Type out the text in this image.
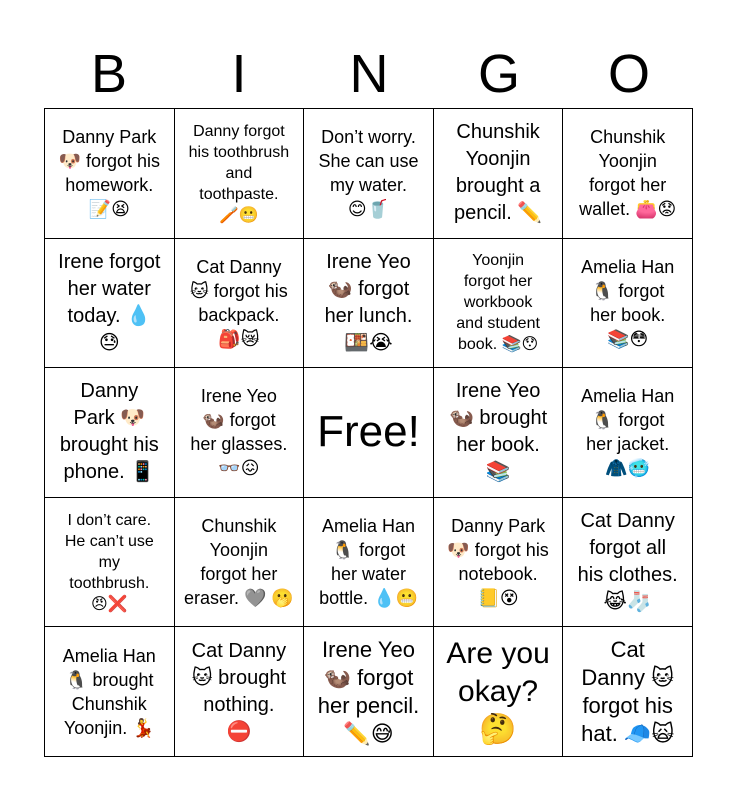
B	I	N	G	O
Danny Park
🐶 forgot his
homework.
📝😫
Danny forgot
his toothbrush
and
toothpaste.
🪥😬
Don’t worry.
She can use
my water.
😊🥤
Chunshik
Yoonjin
brought a
pencil. ✏️
Chunshik
Yoonjin
forgot her
wallet. 👛😟
Irene forgot
her water
today. 💧
😓
Cat Danny
🐱 forgot his
backpack.
🎒😿
Irene Yeo
🦦 forgot
her lunch.
🍱😭
Yoonjin
forgot her
workbook
and student
book. 📚😯
Amelia Han
🐧 forgot
her book.
📚😳
Danny
Park 🐶
brought his
phone. 📱
Irene Yeo
🦦 forgot
her glasses.
👓😖
Free!
Irene Yeo
🦦 brought
her book.
📚
Amelia Han
🐧 forgot
her jacket.
🧥🥶
I don’t care.
He can’t use
my
toothbrush.
😠❌
Chunshik
Yoonjin
forgot her
eraser. 🩶 🫢
Amelia Han
🐧 forgot
her water
bottle. 💧😬
Danny Park
🐶 forgot his
notebook.
📒😵
Cat Danny
forgot all
his clothes.
😹🧦
Amelia Han
🐧 brought
Chunshik
Yoonjin. 💃
Cat Danny
🐱 brought
nothing.
⛔
Irene Yeo
🦦 forgot
her pencil.
✏️😅
Are you
okay?
🤔
Cat
Danny 🐱
forgot his
hat. 🧢🙀
